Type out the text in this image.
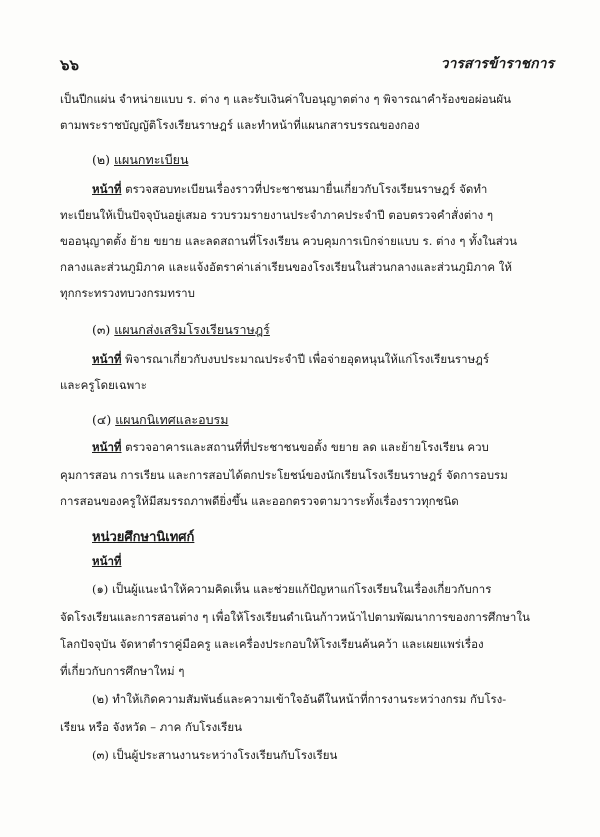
๖๖	วารสารข้าราชการ
เป็นปีกแผ่น จำหน่ายแบบ ร. ต่าง ๆ และรับเงินค่าใบอนุญาตต่าง ๆ พิจารณาคำร้องขอผ่อนผัน
ตามพระราชบัญญัติโรงเรียนราษฎร์ และทำหน้าที่แผนกสารบรรณของกอง
(๒) แผนกทะเบียน
หน้าที่ ตรวจสอบทะเบียนเรื่องราวที่ประชาชนมายื่นเกี่ยวกับโรงเรียนราษฎร์ จัดทำ
ทะเบียนให้เป็นปัจจุบันอยู่เสมอ รวบรวมรายงานประจำภาคประจำปี ตอบตรวจคำสั่งต่าง ๆ
ขออนุญาตตั้ง ย้าย ขยาย และลดสถานที่โรงเรียน ควบคุมการเบิกจ่ายแบบ ร. ต่าง ๆ ทั้งในส่วน
กลางและส่วนภูมิภาค และแจ้งอัตราค่าเล่าเรียนของโรงเรียนในส่วนกลางและส่วนภูมิภาค ให้
ทุกกระทรวงทบวงกรมทราบ
(๓) แผนกส่งเสริมโรงเรียนราษฎร์
หน้าที่ พิจารณาเกี่ยวกับงบประมาณประจำปี เพื่อจ่ายอุดหนุนให้แก่โรงเรียนราษฎร์
และครูโดยเฉพาะ
(๔) แผนกนิเทศและอบรม
หน้าที่ ตรวจอาคารและสถานที่ที่ประชาชนขอตั้ง ขยาย ลด และย้ายโรงเรียน ควบ
คุมการสอน การเรียน และการสอบได้ตกประโยชน์ของนักเรียนโรงเรียนราษฎร์ จัดการอบรม
การสอนของครูให้มีสมรรถภาพดียิ่งขึ้น และออกตรวจตามวาระทั้งเรื่องราวทุกชนิด
หน่วยศึกษานิเทศก์
หน้าที่
(๑) เป็นผู้แนะนำให้ความคิดเห็น และช่วยแก้ปัญหาแก่โรงเรียนในเรื่องเกี่ยวกับการ
จัดโรงเรียนและการสอนต่าง ๆ เพื่อให้โรงเรียนดำเนินก้าวหน้าไปตามพัฒนาการของการศึกษาใน
โลกปัจจุบัน จัดหาตำราคู่มือครู และเครื่องประกอบให้โรงเรียนค้นคว้า และเผยแพร่เรื่อง
ที่เกี่ยวกับการศึกษาใหม่ ๆ
(๒) ทำให้เกิดความสัมพันธ์และความเข้าใจอันดีในหน้าที่การงานระหว่างกรม กับโรง-
เรียน หรือ จังหวัด – ภาค กับโรงเรียน
(๓) เป็นผู้ประสานงานระหว่างโรงเรียนกับโรงเรียน
